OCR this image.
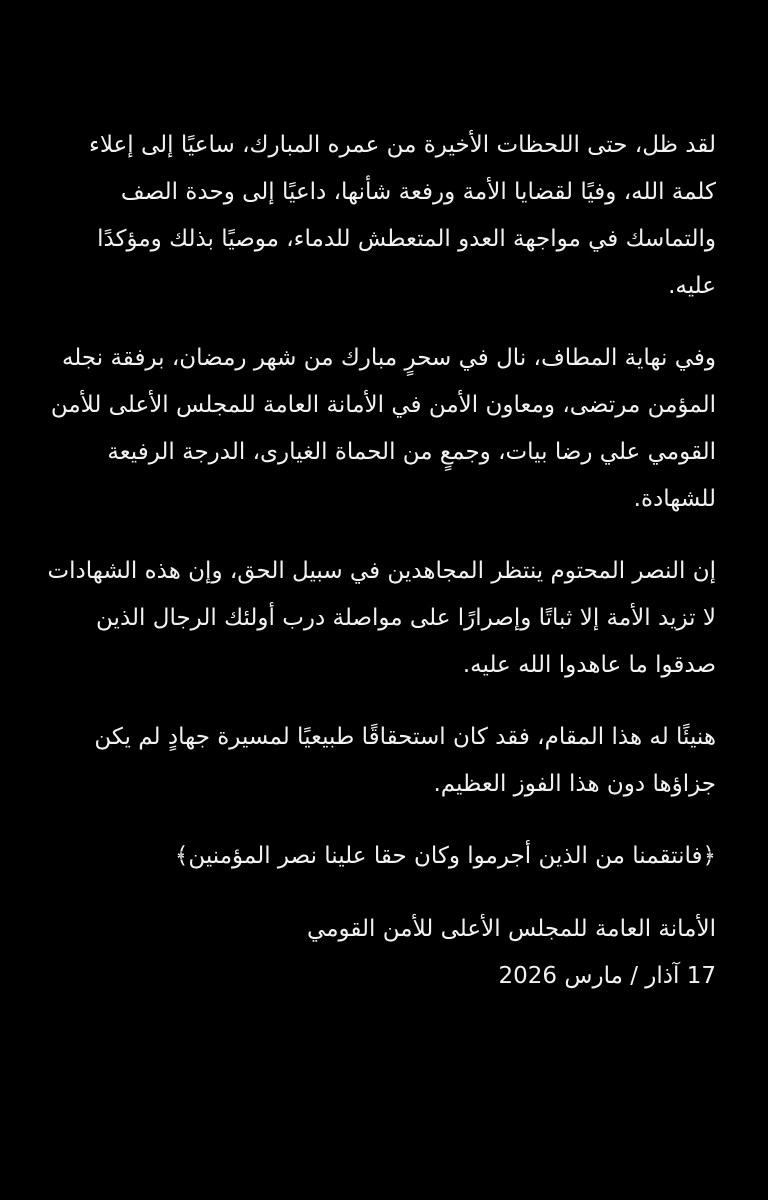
لقد ظل، حتى اللحظات الأخيرة من عمره المبارك، ساعيًا إلى إعلاء كلمة الله، وفيًا لقضايا الأمة ورفعة شأنها، داعيًا إلى وحدة الصف والتماسك في مواجهة العدو المتعطش للدماء، موصيًا بذلك ومؤكدًا عليه.

وفي نهاية المطاف، نال في سحرٍ مبارك من شهر رمضان، برفقة نجله المؤمن مرتضى، ومعاون الأمن في الأمانة العامة للمجلس الأعلى للأمن القومي علي رضا بيات، وجمعٍ من الحماة الغيارى، الدرجة الرفيعة للشهادة.

إن النصر المحتوم ينتظر المجاهدين في سبيل الحق، وإن هذه الشهادات لا تزيد الأمة إلا ثباتًا وإصرارًا على مواصلة درب أولئك الرجال الذين صدقوا ما عاهدوا الله عليه.

هنيئًا له هذا المقام، فقد كان استحقاقًا طبيعيًا لمسيرة جهادٍ لم يكن جزاؤها دون هذا الفوز العظيم.

﴿فانتقمنا من الذين أجرموا وكان حقا علينا نصر المؤمنين﴾

الأمانة العامة للمجلس الأعلى للأمن القومي
17 آذار / مارس 2026
